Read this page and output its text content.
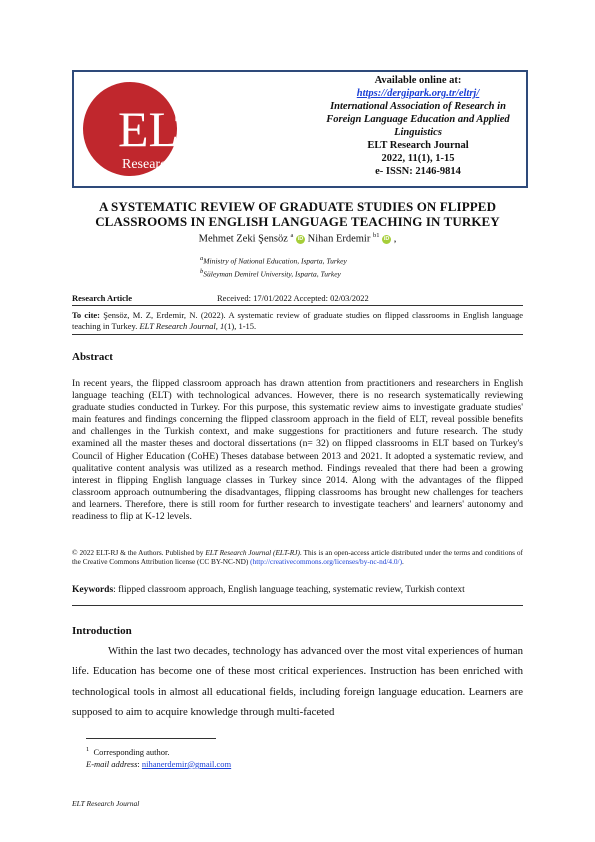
ELT
Research Journal
Available online at:
https://dergipark.org.tr/eltrj/
International Association of Research in Foreign Language Education and Applied Linguistics
ELT Research Journal
2022, 11(1), 1-15
e- ISSN: 2146-9814
A SYSTEMATIC REVIEW OF GRADUATE STUDIES ON FLIPPED CLASSROOMS IN ENGLISH LANGUAGE TEACHING IN TURKEY
Mehmet Zeki Şensöz $^a$ iD Nihan Erdemir $^{b1}$ iD ,
$^a$Ministry of National Education, Isparta, Turkey
$^b$Süleyman Demirel University, Isparta, Turkey
Research Article	Received: 17/01/2022 Accepted: 02/03/2022
To cite: Şensöz, M. Z, Erdemir, N. (2022). A systematic review of graduate studies on flipped classrooms in English language teaching in Turkey. ELT Research Journal, 1(1), 1-15.
Abstract
In recent years, the flipped classroom approach has drawn attention from practitioners and researchers in English language teaching (ELT) with technological advances. However, there is no research systematically reviewing graduate studies conducted in Turkey. For this purpose, this systematic review aims to investigate graduate studies' main features and findings concerning the flipped classroom approach in the field of ELT, reveal possible benefits and challenges in the Turkish context, and make suggestions for practitioners and future research. The study examined all the master theses and doctoral dissertations (n= 32) on flipped classrooms in ELT based on Turkey's Council of Higher Education (CoHE) Theses database between 2013 and 2021. It adopted a systematic review, and qualitative content analysis was utilized as a research method. Findings revealed that there had been a growing interest in flipping English language classes in Turkey since 2014. Along with the advantages of the flipped classroom approach outnumbering the disadvantages, flipping classrooms has brought new challenges for teachers and learners. Therefore, there is still room for further research to investigate teachers' and learners' autonomy and readiness to flip at K-12 levels.
© 2022 ELT-RJ & the Authors. Published by ELT Research Journal (ELT-RJ). This is an open-access article distributed under the terms and conditions of the Creative Commons Attribution license (CC BY-NC-ND) (http://creativecommons.org/licenses/by-nc-nd/4.0/).
Keywords: flipped classroom approach, English language teaching, systematic review, Turkish context
Introduction
Within the last two decades, technology has advanced over the most vital experiences of human life. Education has become one of these most critical experiences. Instruction has been enriched with technological tools in almost all educational fields, including foreign language education. Learners are supposed to aim to acquire knowledge through multi-faceted
$^1$ Corresponding author.
E-mail address: nihanerdemir@gmail.com
ELT Research Journal
